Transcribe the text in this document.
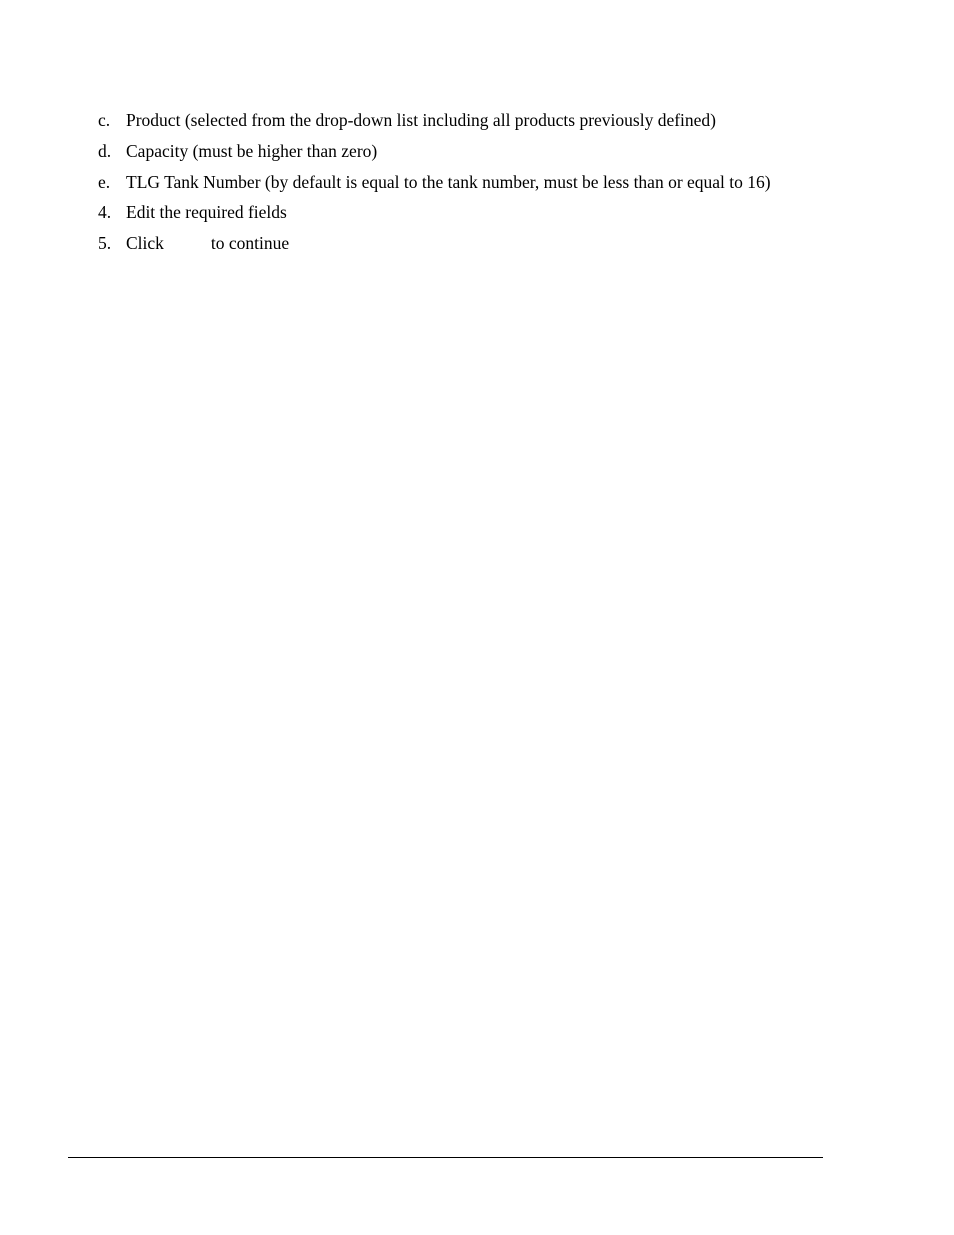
c. Product (selected from the drop-down list including all products previously defined)
d. Capacity (must be higher than zero)
e. TLG Tank Number (by default is equal to the tank number, must be less than or equal to 16)
4. Edit the required fields
5. Click	to continue
